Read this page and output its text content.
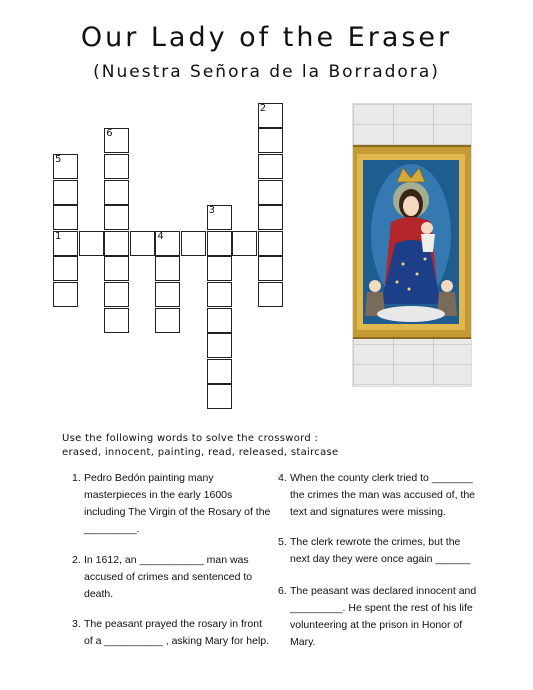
Our Lady of the Eraser
(Nuestra Señora de la Borradora)
1	4
5
6
3
2
Use the following words to solve the crossword :
erased, innocent, painting, read, released, staircase
1. Pedro Bedón painting many masterpieces in the early 1600s including The Virgin of the Rosary of the _________.
2. In 1612, an ___________ man was accused of crimes and sentenced to death.
3. The peasant prayed the rosary in front of a __________ , asking Mary for help.
4. When the county clerk tried to _______ the crimes the man was accused of, the text and signatures were missing.
5. The clerk rewrote the crimes, but the next day they were once again ______
6. The peasant was declared innocent and _________. He spent the rest of his life volunteering at the prison in Honor of Mary.
